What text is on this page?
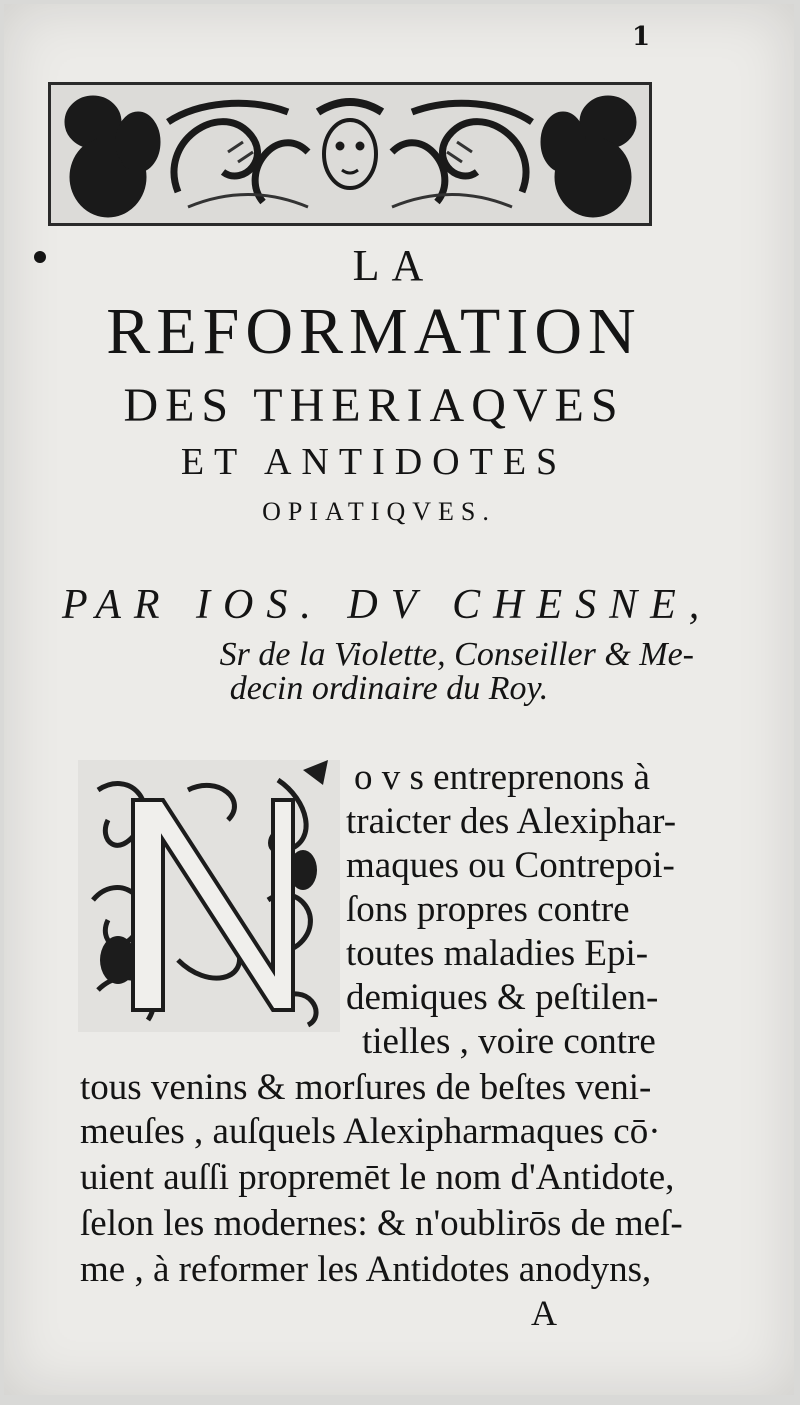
1
LA
REFORMATION
DES THERIAQVES
ET ANTIDOTES
OPIATIQVES.
PAR IOS. DV CHESNE,
Sr de la Violette, Conseiller & Me-
decin ordinaire du Roy.
o v s entreprenons à
traicter des Alexiphar-
maques ou Contrepoi-
ſons propres contre
toutes maladies Epi-
demiques & peſtilen-
tielles , voire contre
tous venins & morſures de beſtes veni-
meuſes , auſquels Alexipharmaques cō·
uient auſſi propremēt le nom d'Antidote,
ſelon les modernes: & n'oublirōs de meſ-
me , à reformer les Antidotes anodyns,
A
